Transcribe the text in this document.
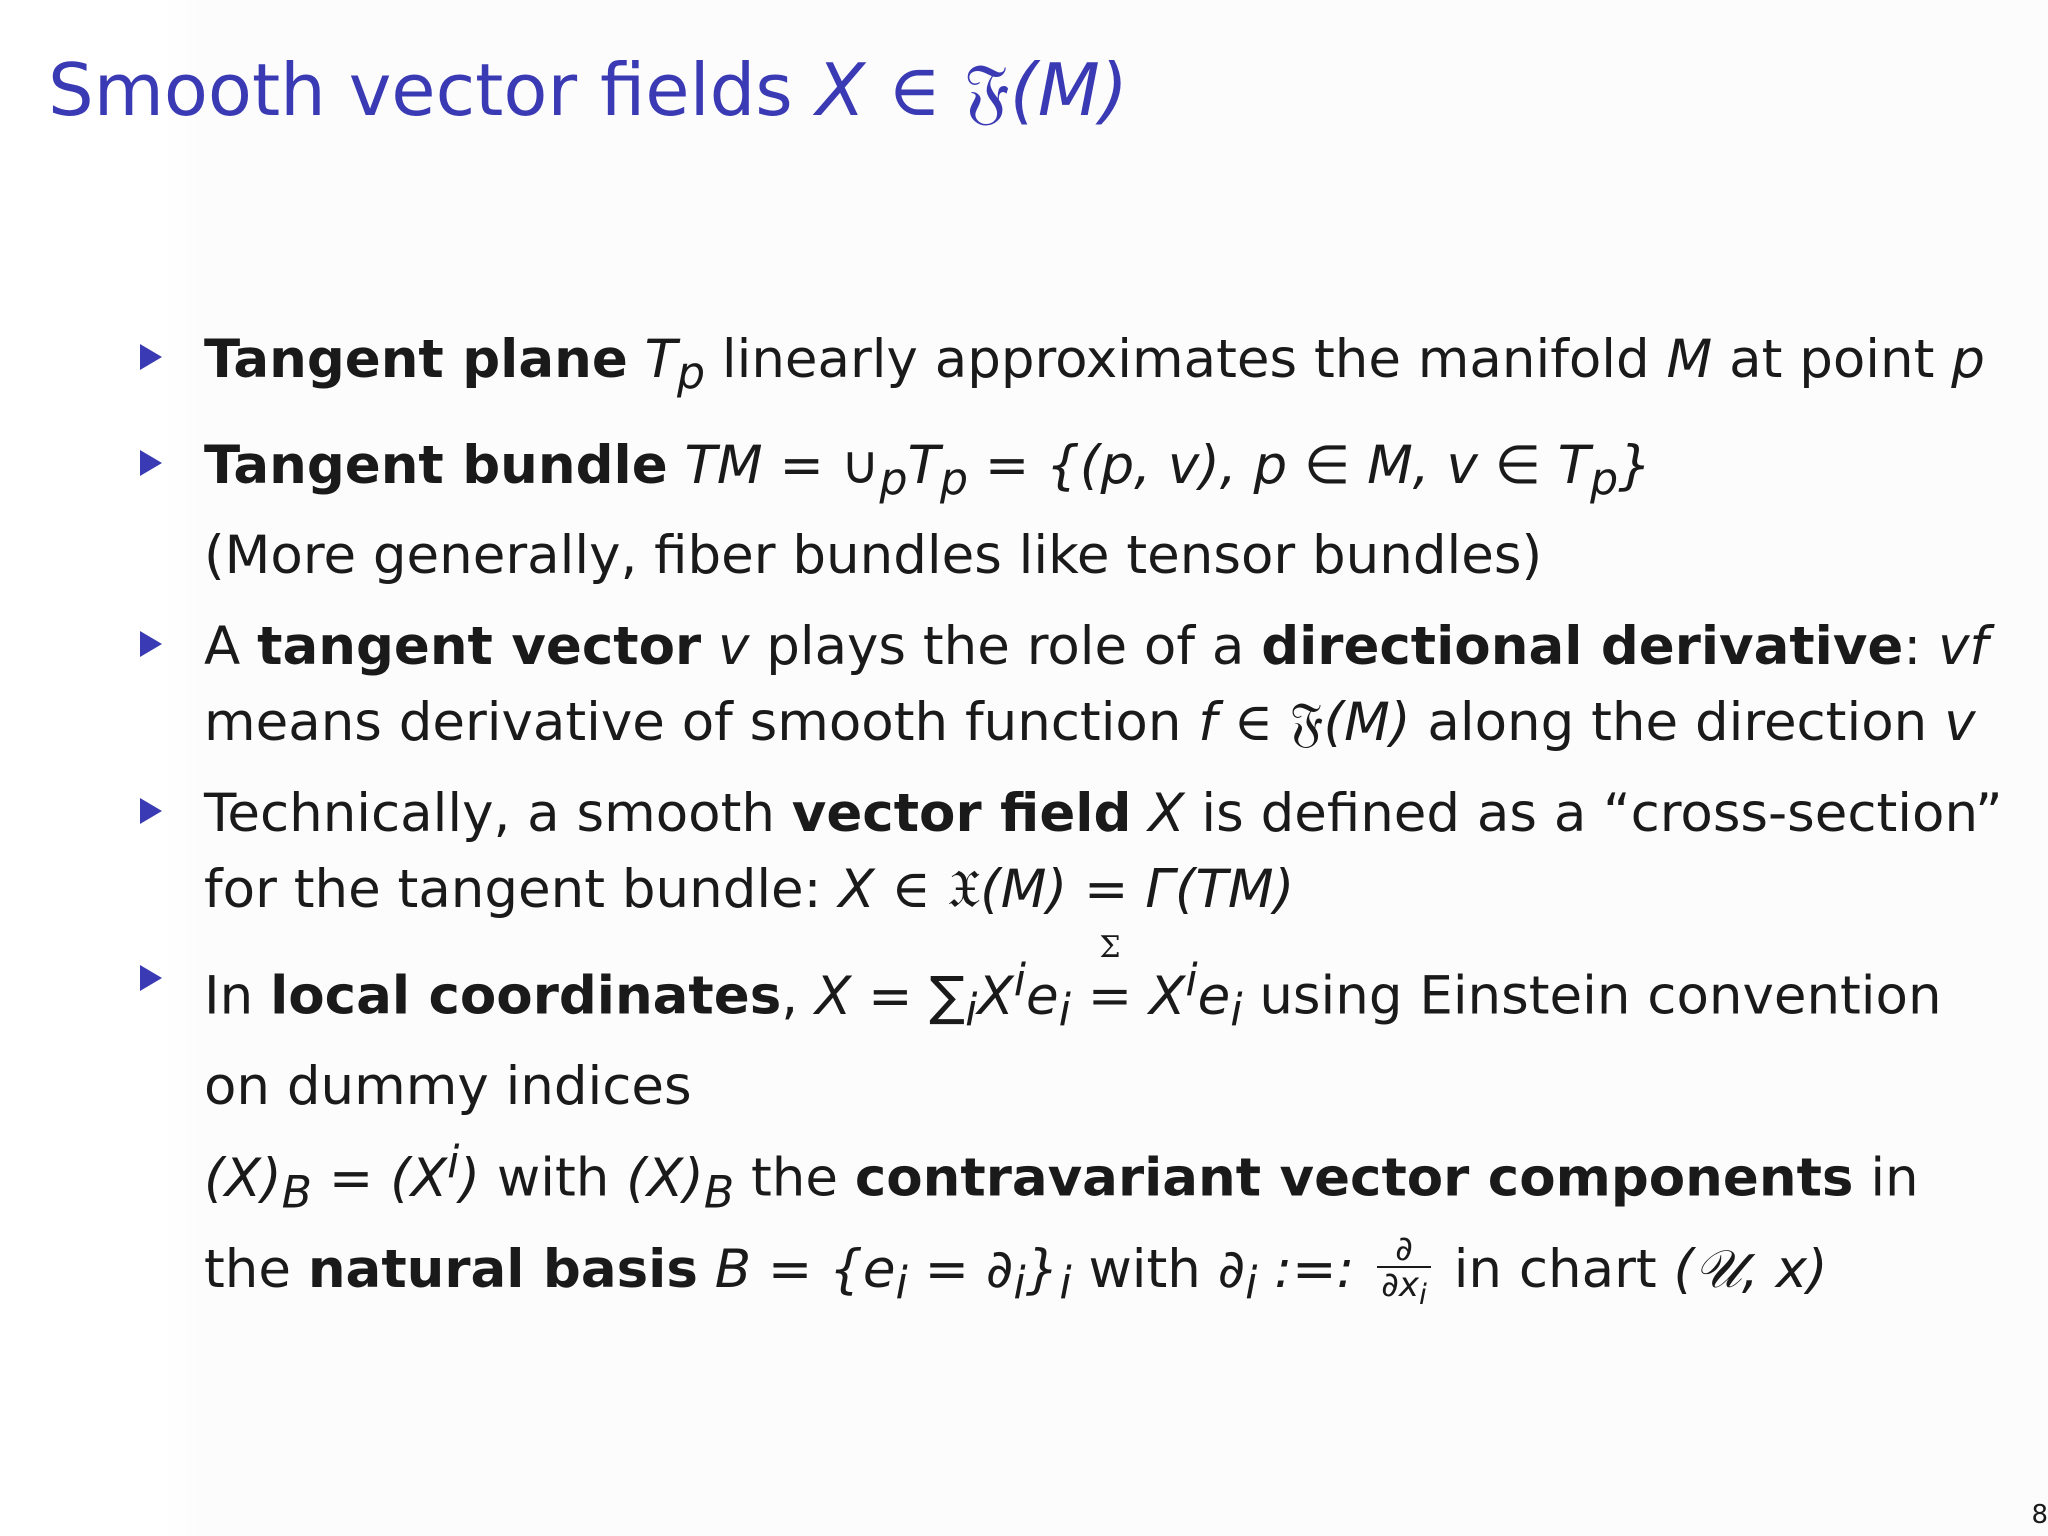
Smooth vector fields X ∈ 𝔉(M)
Tangent plane $T_p$ linearly approximates the manifold M at point p
Tangent bundle TM = $\cup_pT_p = \{(p$, v), p ∈ M, v ∈ $T_p$}
(More generally, fiber bundles like tensor bundles)
A tangent vector v plays the role of a directional derivative: vf
means derivative of smooth function f ∈ 𝔉(M) along the direction v
Technically, a smooth vector field X is defined as a “cross-section”
for the tangent bundle: X ∈ 𝔛(M) = Γ(TM)
In local coordinates, $X = \sum_iX^ie_i$
Σ
= $X^ie_i$ using Einstein convention
on dummy indices
$(X)_B = (X^i)$ with $(X)_B$ the contravariant vector components in
the natural basis $B = \{e_i = \partial_i\}_i$ with $\partial_i$ :=: $\frac{\partial}{\partial x_i}$ in chart (𝒰, x)
8
